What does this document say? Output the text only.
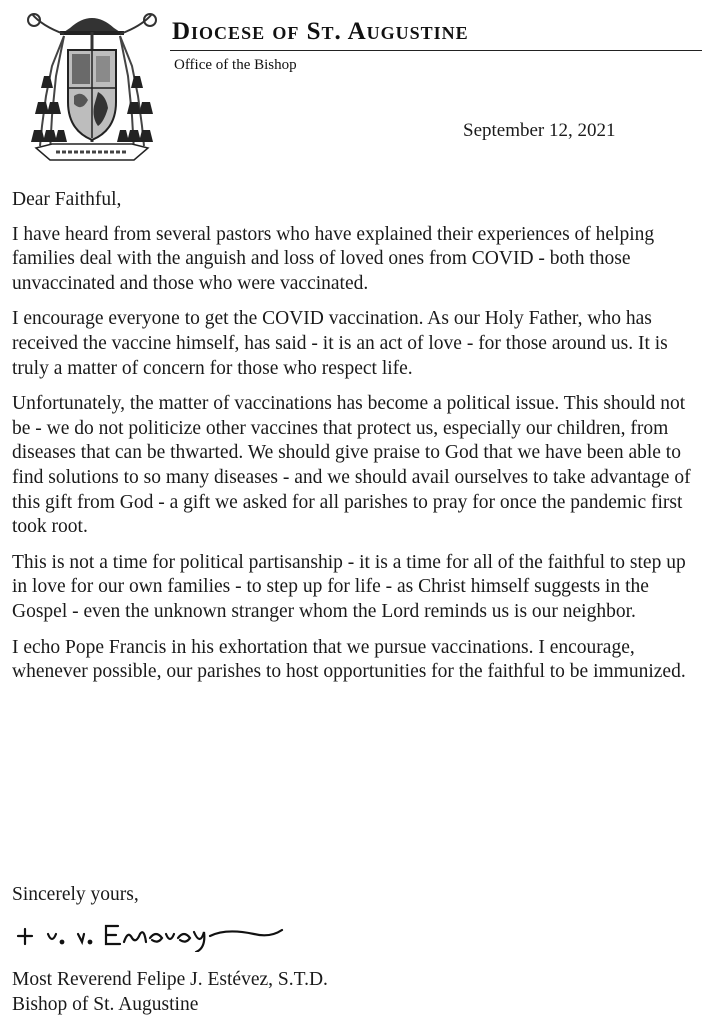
Diocese of St. Augustine
Office of the Bishop
September 12, 2021

Dear Faithful,

I have heard from several pastors who have explained their experiences of helping families deal with the anguish and loss of loved ones from COVID - both those unvaccinated and those who were vaccinated.

I encourage everyone to get the COVID vaccination. As our Holy Father, who has received the vaccine himself, has said - it is an act of love - for those around us. It is truly a matter of concern for those who respect life.

Unfortunately, the matter of vaccinations has become a political issue. This should not be - we do not politicize other vaccines that protect us, especially our children, from diseases that can be thwarted. We should give praise to God that we have been able to find solutions to so many diseases - and we should avail ourselves to take advantage of this gift from God - a gift we asked for all parishes to pray for once the pandemic first took root.

This is not a time for political partisanship - it is a time for all of the faithful to step up in love for our own families - to step up for life - as Christ himself suggests in the Gospel - even the unknown stranger whom the Lord reminds us is our neighbor.

I echo Pope Francis in his exhortation that we pursue vaccinations. I encourage, whenever possible, our parishes to host opportunities for the faithful to be immunized.

Sincerely yours,
Most Reverend Felipe J. Estévez, S.T.D.
Bishop of St. Augustine
